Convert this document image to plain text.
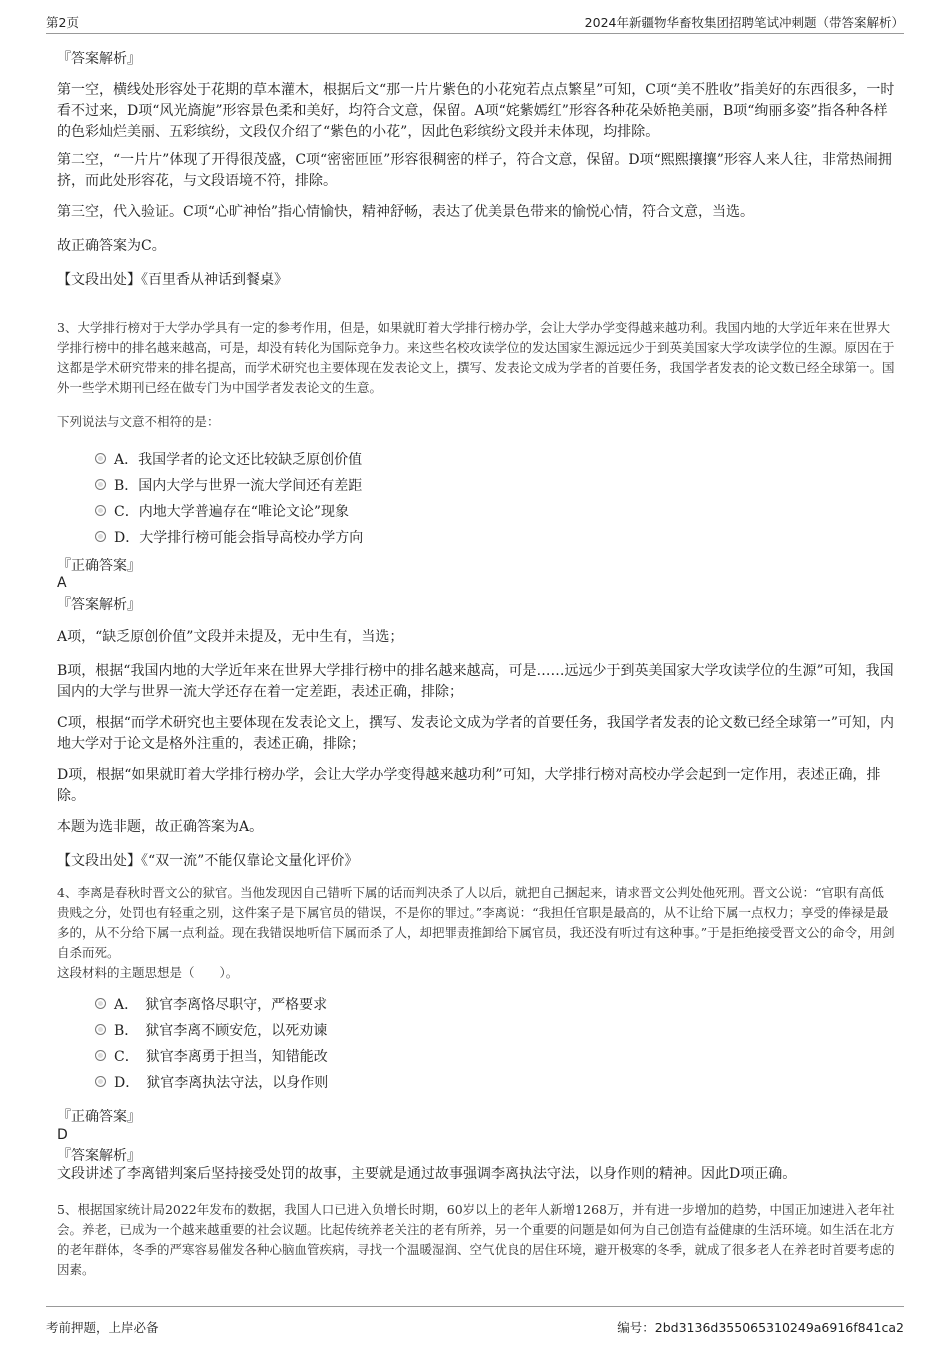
第2页	2024年新疆物华畜牧集团招聘笔试冲刺题（带答案解析）
『答案解析』
第一空，横线处形容处于花期的草本灌木，根据后文“那一片片紫色的小花宛若点点繁星”可知，C项“美不胜收”指美好的东西很多，一时看不过来，D项“风光旖旎”形容景色柔和美好，均符合文意，保留。A项“姹紫嫣红”形容各种花朵娇艳美丽，B项“绚丽多姿”指各种各样的色彩灿烂美丽、五彩缤纷，文段仅介绍了“紫色的小花”，因此色彩缤纷文段并未体现，均排除。
第二空，“一片片”体现了开得很茂盛，C项“密密匝匝”形容很稠密的样子，符合文意，保留。D项“熙熙攘攘”形容人来人往，非常热闹拥挤，而此处形容花，与文段语境不符，排除。
第三空，代入验证。C项“心旷神怡”指心情愉快，精神舒畅，表达了优美景色带来的愉悦心情，符合文意，当选。
故正确答案为C。
【文段出处】《百里香从神话到餐桌》
3、大学排行榜对于大学办学具有一定的参考作用，但是，如果就盯着大学排行榜办学，会让大学办学变得越来越功利。我国内地的大学近年来在世界大学排行榜中的排名越来越高，可是，却没有转化为国际竞争力。来这些名校攻读学位的发达国家生源远远少于到英美国家大学攻读学位的生源。原因在于这都是学术研究带来的排名提高，而学术研究也主要体现在发表论文上，撰写、发表论文成为学者的首要任务，我国学者发表的论文数已经全球第一。国外一些学术期刊已经在做专门为中国学者发表论文的生意。
下列说法与文意不相符的是：
A．我国学者的论文还比较缺乏原创价值
B．国内大学与世界一流大学间还有差距
C．内地大学普遍存在“唯论文论”现象
D．大学排行榜可能会指导高校办学方向
『正确答案』
A
『答案解析』
A项，“缺乏原创价值”文段并未提及，无中生有，当选；
B项，根据“我国内地的大学近年来在世界大学排行榜中的排名越来越高，可是……远远少于到英美国家大学攻读学位的生源”可知，我国国内的大学与世界一流大学还存在着一定差距，表述正确，排除；
C项，根据“而学术研究也主要体现在发表论文上，撰写、发表论文成为学者的首要任务，我国学者发表的论文数已经全球第一”可知，内地大学对于论文是格外注重的，表述正确，排除；
D项，根据“如果就盯着大学排行榜办学，会让大学办学变得越来越功利”可知，大学排行榜对高校办学会起到一定作用，表述正确，排除。
本题为选非题，故正确答案为A。
【文段出处】《“双一流”不能仅靠论文量化评价》
4、李离是春秋时晋文公的狱官。当他发现因自己错听下属的话而判决杀了人以后，就把自己捆起来，请求晋文公判处他死刑。晋文公说：“官职有高低贵贱之分，处罚也有轻重之别，这件案子是下属官员的错误，不是你的罪过。”李离说：“我担任官职是最高的，从不让给下属一点权力；享受的俸禄是最多的，从不分给下属一点利益。现在我错误地听信下属而杀了人，却把罪责推卸给下属官员，我还没有听过有这种事。”于是拒绝接受晋文公的命令，用剑自杀而死。
这段材料的主题思想是（　　）。
A．　狱官李离恪尽职守，严格要求
B．　狱官李离不顾安危，以死劝谏
C．　狱官李离勇于担当，知错能改
D．　狱官李离执法守法，以身作则
『正确答案』
D
『答案解析』
文段讲述了李离错判案后坚持接受处罚的故事，主要就是通过故事强调李离执法守法，以身作则的精神。因此D项正确。
5、根据国家统计局2022年发布的数据，我国人口已进入负增长时期，60岁以上的老年人新增1268万，并有进一步增加的趋势，中国正加速进入老年社会。养老，已成为一个越来越重要的社会议题。比起传统养老关注的老有所养，另一个重要的问题是如何为自己创造有益健康的生活环境。如生活在北方的老年群体，冬季的严寒容易催发各种心脑血管疾病，寻找一个温暖湿润、空气优良的居住环境，避开极寒的冬季，就成了很多老人在养老时首要考虑的因素。
考前押题，上岸必备	编号：2bd3136d355065310249a6916f841ca2
